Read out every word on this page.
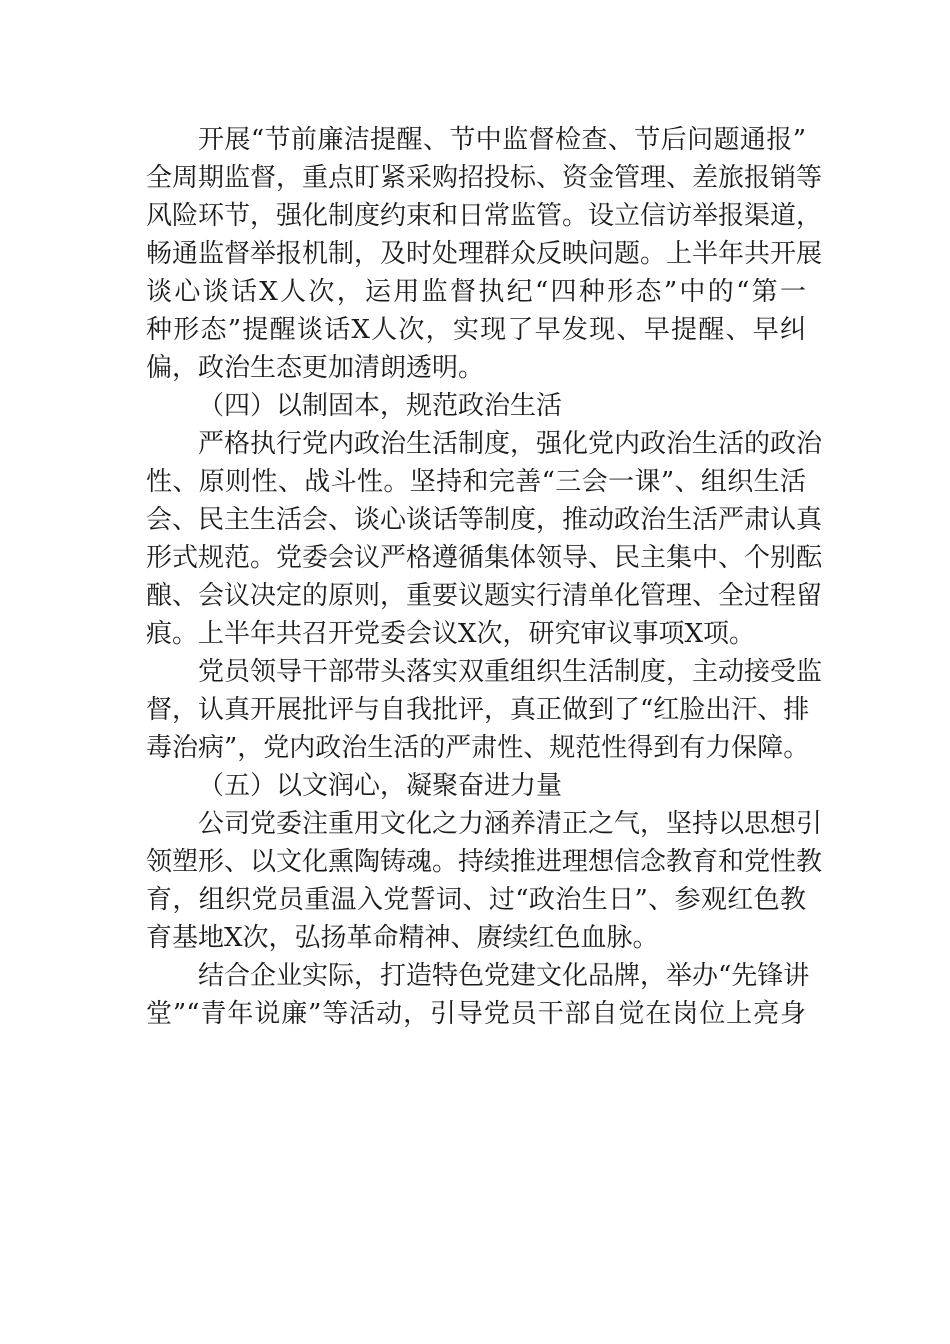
开展“节前廉洁提醒、节中监督检查、节后问题通报”
全周期监督，重点盯紧采购招投标、资金管理、差旅报销等
风险环节，强化制度约束和日常监管。设立信访举报渠道，
畅通监督举报机制，及时处理群众反映问题。上半年共开展
谈心谈话X人次，运用监督执纪“四种形态”中的“第一
种形态”提醒谈话X人次，实现了早发现、早提醒、早纠
偏，政治生态更加清朗透明。
（四）以制固本，规范政治生活
严格执行党内政治生活制度，强化党内政治生活的政治
性、原则性、战斗性。坚持和完善“三会一课”、组织生活
会、民主生活会、谈心谈话等制度，推动政治生活严肃认真
形式规范。党委会议严格遵循集体领导、民主集中、个别酝
酿、会议决定的原则，重要议题实行清单化管理、全过程留
痕。上半年共召开党委会议X次，研究审议事项X项。
党员领导干部带头落实双重组织生活制度，主动接受监
督，认真开展批评与自我批评，真正做到了“红脸出汗、排
毒治病”，党内政治生活的严肃性、规范性得到有力保障。
（五）以文润心，凝聚奋进力量
公司党委注重用文化之力涵养清正之气，坚持以思想引
领塑形、以文化熏陶铸魂。持续推进理想信念教育和党性教
育，组织党员重温入党誓词、过“政治生日”、参观红色教
育基地X次，弘扬革命精神、赓续红色血脉。
结合企业实际，打造特色党建文化品牌，举办“先锋讲
堂”“青年说廉”等活动，引导党员干部自觉在岗位上亮身
